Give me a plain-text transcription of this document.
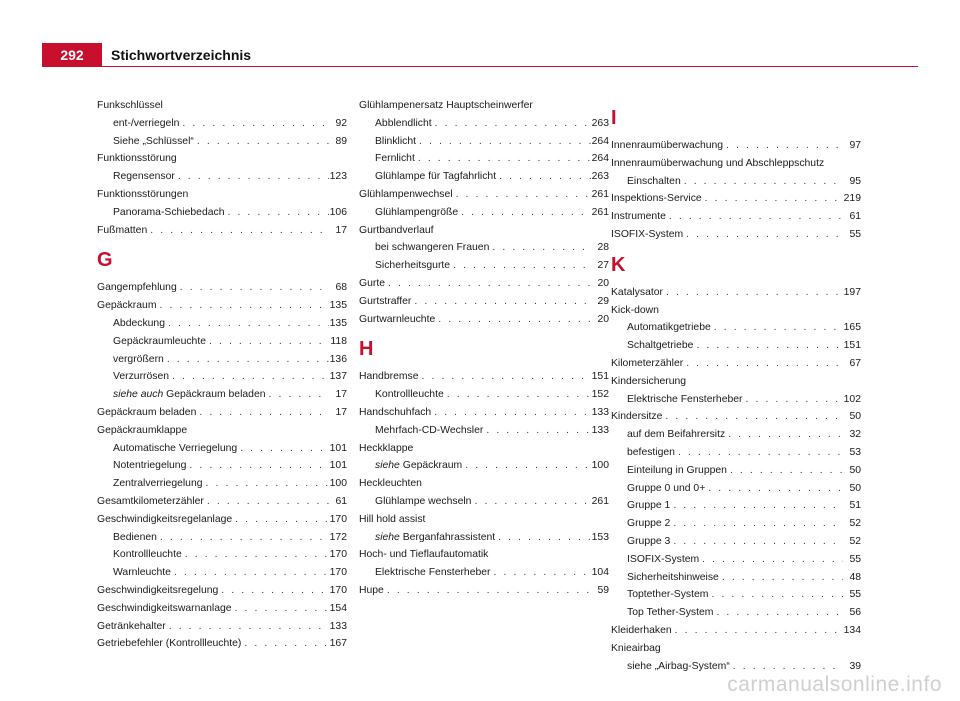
292	Stichwortverzeichnis
Funkschlüssel
ent-/verriegeln . . .	92
Siehe „Schlüssel“ . . .	89
Funktionsstörung
Regensensor . . .	123
Funktionsstörungen
Panorama-Schiebedach . . .	106
Fußmatten . . .	17
G
Gangempfehlung . . .	68
Gepäckraum . . .	135
Abdeckung . . .	135
Gepäckraumleuchte . . .	118
vergrößern . . .	136
Verzurrösen . . .	137
siehe auch Gepäckraum beladen . . .	17
Gepäckraum beladen . . .	17
Gepäckraumklappe
Automatische Verriegelung . . .	101
Notentriegelung . . .	101
Zentralverriegelung . . .	100
Gesamtkilometerzähler . . .	61
Geschwindigkeitsregelanlage . . .	170
Bedienen . . .	172
Kontrollleuchte . . .	170
Warnleuchte . . .	170
Geschwindigkeitsregelung . . .	170
Geschwindigkeitswarnanlage . . .	154
Getränkehalter . . .	133
Getriebefehler (Kontrollleuchte) . . .	167
Glühlampenersatz Hauptscheinwerfer
Abblendlicht . . .	263
Blinklicht . . .	264
Fernlicht . . .	264
Glühlampe für Tagfahrlicht . . .	263
Glühlampenwechsel . . .	261
Glühlampengröße . . .	261
Gurtbandverlauf
bei schwangeren Frauen . . .	28
Sicherheitsgurte . . .	27
Gurte . . .	20
Gurtstraffer . . .	29
Gurtwarnleuchte . . .	20
H
Handbremse . . .	151
Kontrollleuchte . . .	152
Handschuhfach . . .	133
Mehrfach-CD-Wechsler . . .	133
Heckklappe
siehe Gepäckraum . . .	100
Heckleuchten
Glühlampe wechseln . . .	261
Hill hold assist
siehe Berganfahrassistent . . .	153
Hoch- und Tieflaufautomatik
Elektrische Fensterheber . . .	104
Hupe . . .	59
I
Innenraumüberwachung . . .	97
Innenraumüberwachung und Abschleppschutz
Einschalten . . .	95
Inspektions-Service . . .	219
Instrumente . . .	61
ISOFIX-System . . .	55
K
Katalysator . . .	197
Kick-down
Automatikgetriebe . . .	165
Schaltgetriebe . . .	151
Kilometerzähler . . .	67
Kindersicherung
Elektrische Fensterheber . . .	102
Kindersitze . . .	50
auf dem Beifahrersitz . . .	32
befestigen . . .	53
Einteilung in Gruppen . . .	50
Gruppe 0 und 0+ . . .	50
Gruppe 1 . . .	51
Gruppe 2 . . .	52
Gruppe 3 . . .	52
ISOFIX-System . . .	55
Sicherheitshinweise . . .	48
Toptether-System . . .	55
Top Tether-System . . .	56
Kleiderhaken . . .	134
Knieairbag
siehe „Airbag-System“ . . .	39
carmanualsonline.info
